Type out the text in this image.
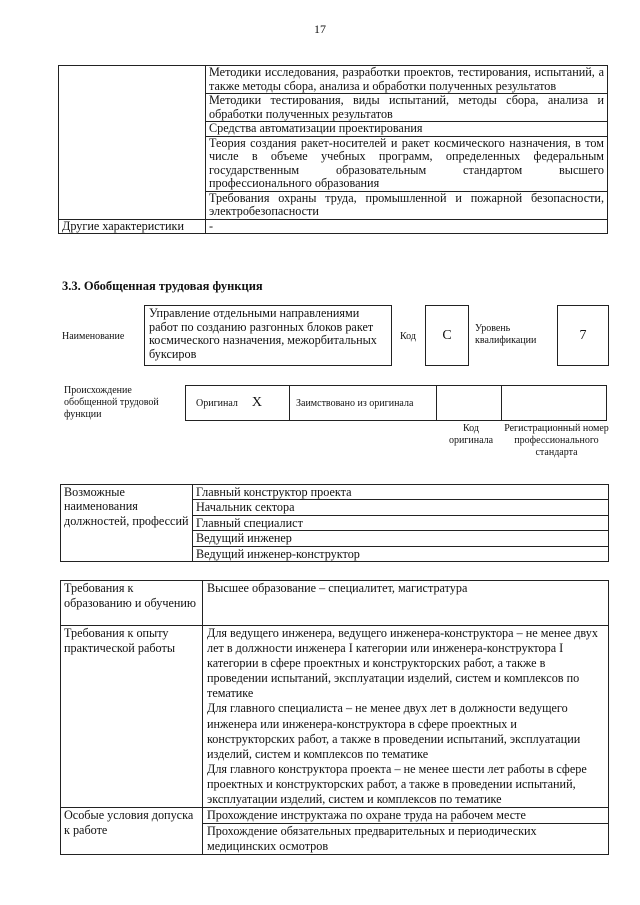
17
	Методики исследования, разработки проектов, тестирования, испытаний, а также методы сбора, анализа и обработки полученных результатов
	Методики тестирования, виды испытаний, методы сбора, анализа и обработки полученных результатов
	Средства автоматизации проектирования
	Теория создания ракет-носителей и ракет космического назначения, в том числе в объеме учебных программ, определенных федеральным государственным образовательным стандартом высшего профессионального образования
	Требования охраны труда, промышленной и пожарной безопасности, электробезопасности
Другие характеристики	-
3.3. Обобщенная трудовая функция
Наименование
Управление отдельными направлениями работ по созданию разгонных блоков ракет космического назначения, межорбитальных буксиров
Код	C	Уровень квалификации	7
Происхождение обобщенной трудовой функции
Оригинал X	Заимствовано из оригинала
Код оригинала
Регистрационный номер профессионального стандарта
Возможные наименования должностей, профессий	
Главный конструктор проекта
Начальник сектора
Главный специалист
Ведущий инженер
Ведущий инженер-конструктор
Требования к образованию и обучению	Высшее образование – специалитет, магистратура
Требования к опыту практической работы	Для ведущего инженера, ведущего инженера-конструктора – не менее двух лет в должности инженера I категории или инженера-конструктора I категории в сфере проектных и конструкторских работ, а также в проведении испытаний, эксплуатации изделий, систем и комплексов по тематике
Для главного специалиста – не менее двух лет в должности ведущего инженера или инженера-конструктора в сфере проектных и конструкторских работ, а также в проведении испытаний, эксплуатации изделий, систем и комплексов по тематике
Для главного конструктора проекта – не менее шести лет работы в сфере проектных и конструкторских работ, а также в проведении испытаний, эксплуатации изделий, систем и комплексов по тематике

Особые условия допуска к работе	Прохождение инструктажа по охране труда на рабочем месте
Прохождение обязательных предварительных и периодических медицинских осмотров
